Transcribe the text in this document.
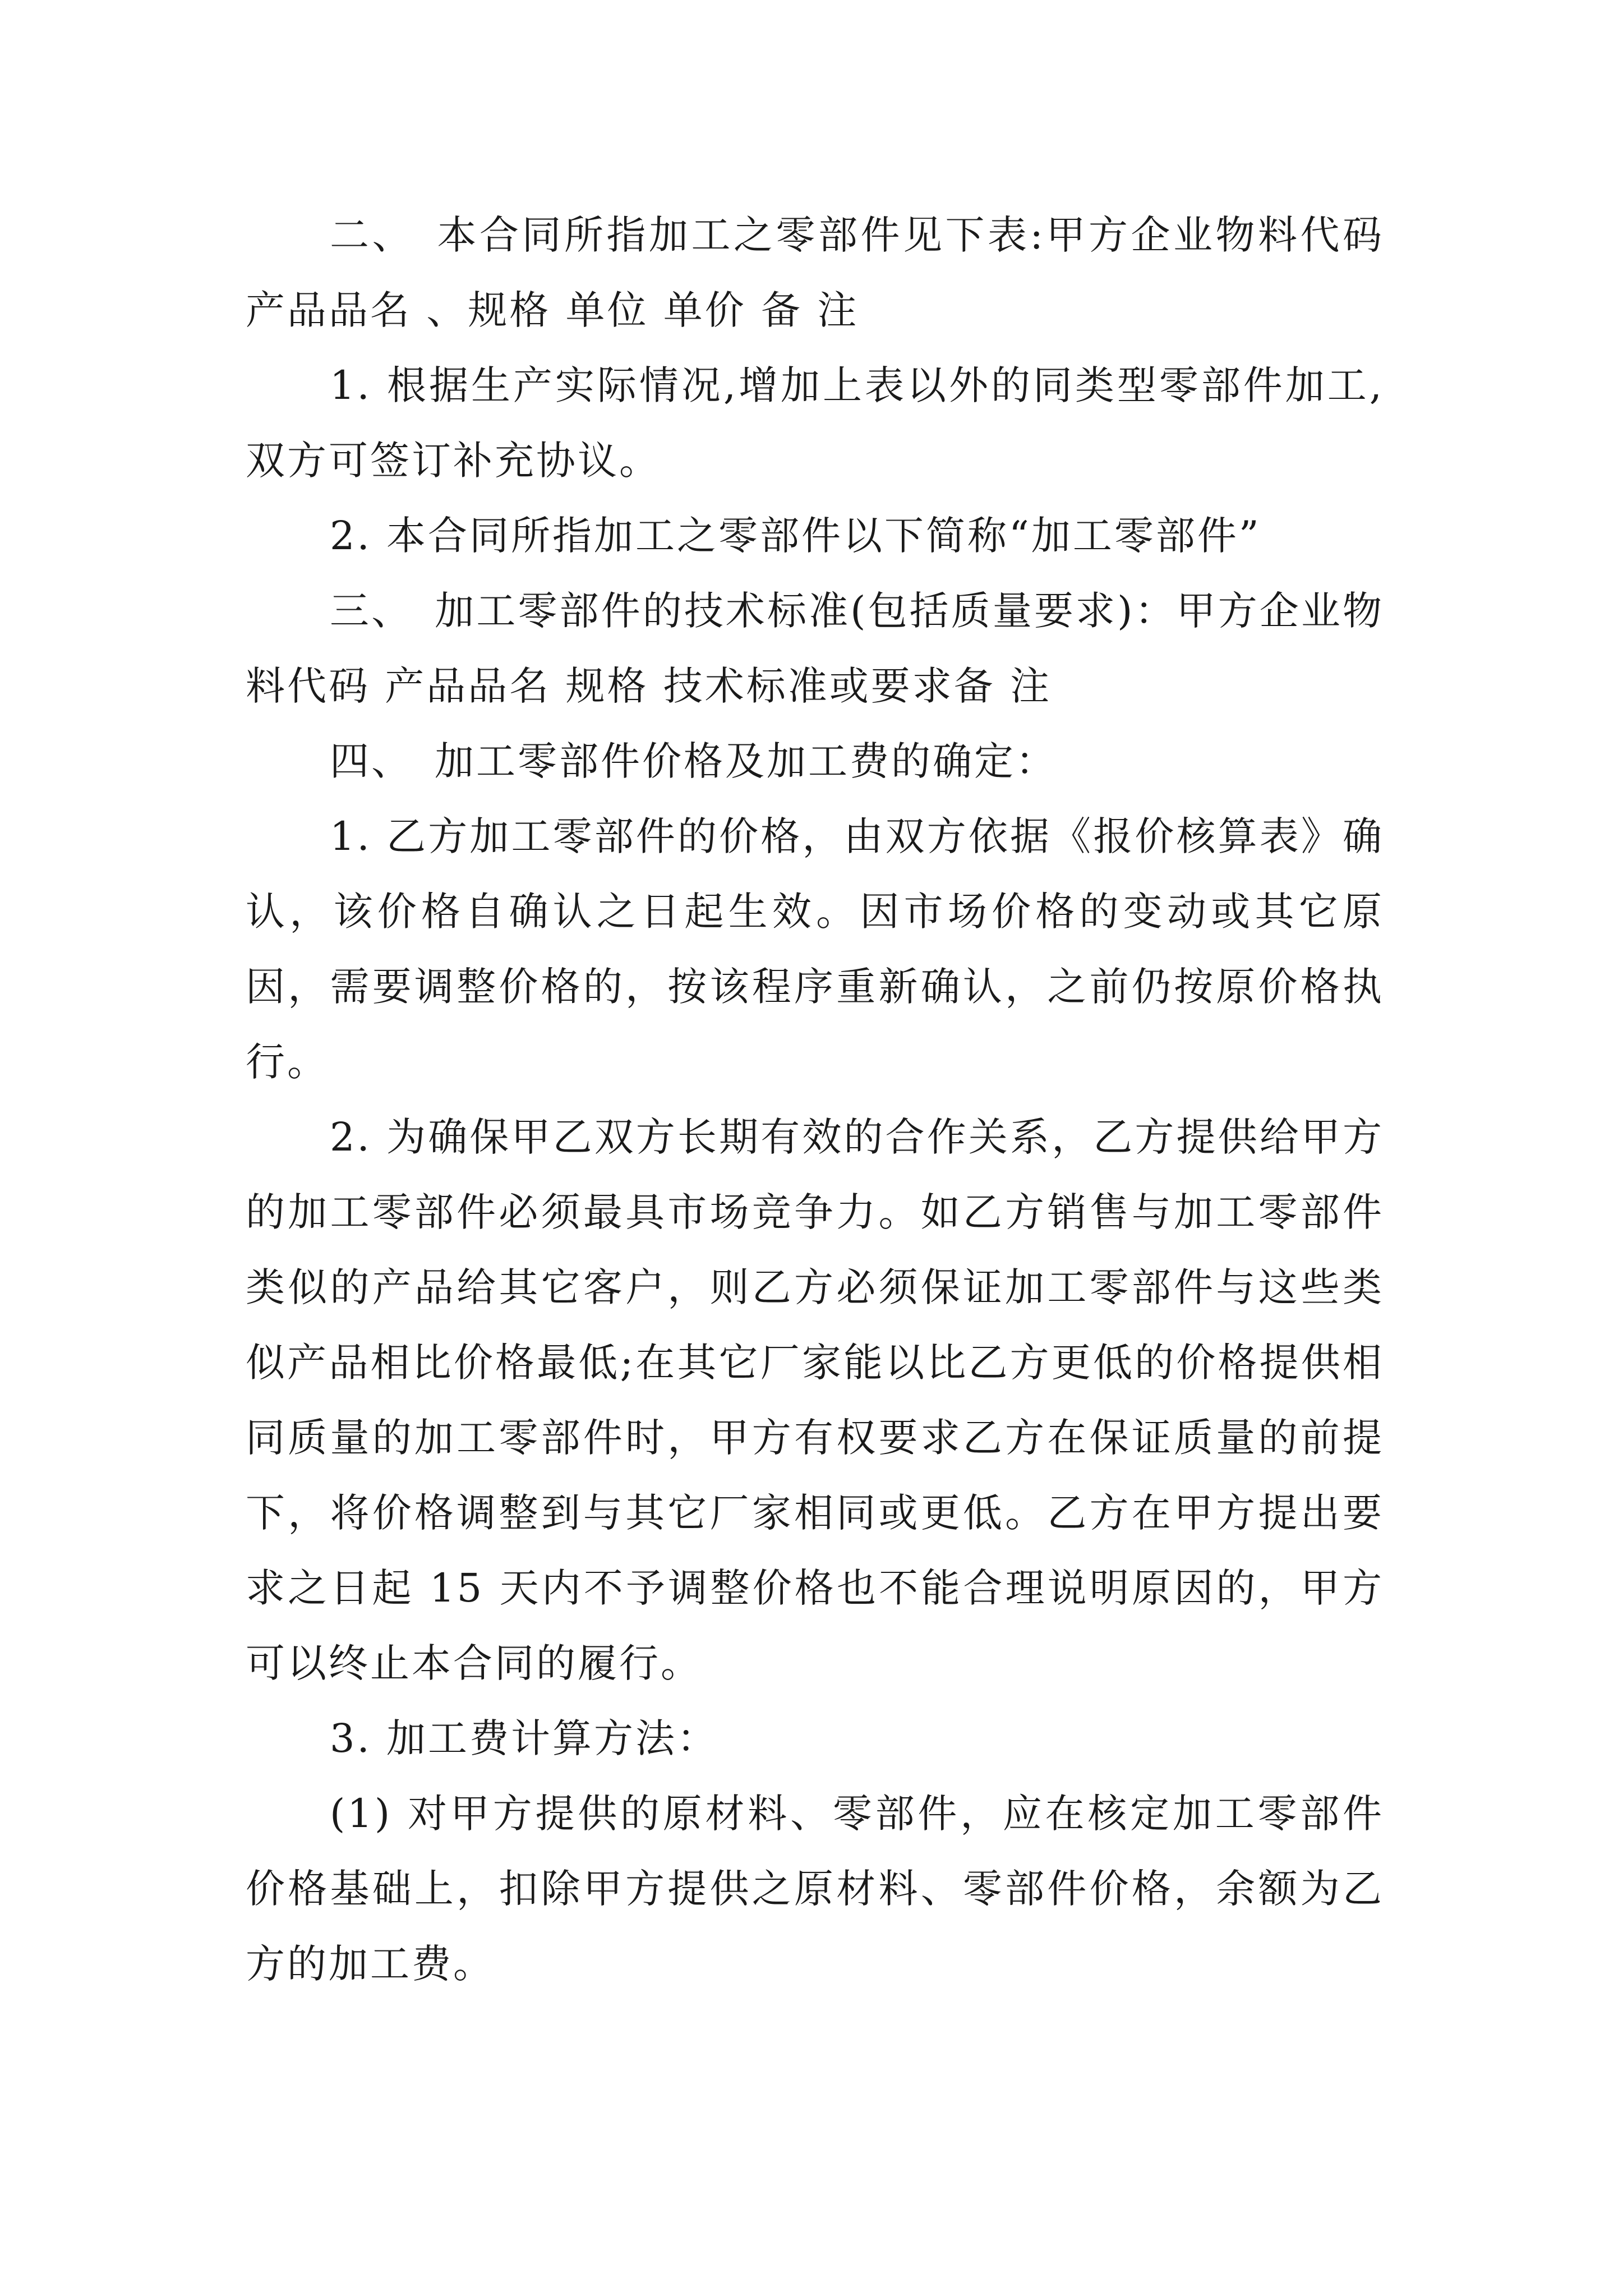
二、　本合同所指加工之零部件见下表:甲方企业物料代码 产品品名 、规格 单位 单价 备 注

1. 根据生产实际情况,增加上表以外的同类型零部件加工,双方可签订补充协议。

2. 本合同所指加工之零部件以下简称“加工零部件”

三、　加工零部件的技术标准(包括质量要求)：甲方企业物料代码 产品品名 规格 技术标准或要求备 注

四、　加工零部件价格及加工费的确定：

1. 乙方加工零部件的价格，由双方依据《报价核算表》确认，该价格自确认之日起生效。因市场价格的变动或其它原因，需要调整价格的，按该程序重新确认，之前仍按原价格执行。

2. 为确保甲乙双方长期有效的合作关系，乙方提供给甲方的加工零部件必须最具市场竞争力。如乙方销售与加工零部件类似的产品给其它客户，则乙方必须保证加工零部件与这些类似产品相比价格最低;在其它厂家能以比乙方更低的价格提供相同质量的加工零部件时，甲方有权要求乙方在保证质量的前提下，将价格调整到与其它厂家相同或更低。乙方在甲方提出要求之日起 15 天内不予调整价格也不能合理说明原因的，甲方可以终止本合同的履行。

3. 加工费计算方法：

(1) 对甲方提供的原材料、零部件，应在核定加工零部件价格基础上，扣除甲方提供之原材料、零部件价格，余额为乙方的加工费。
